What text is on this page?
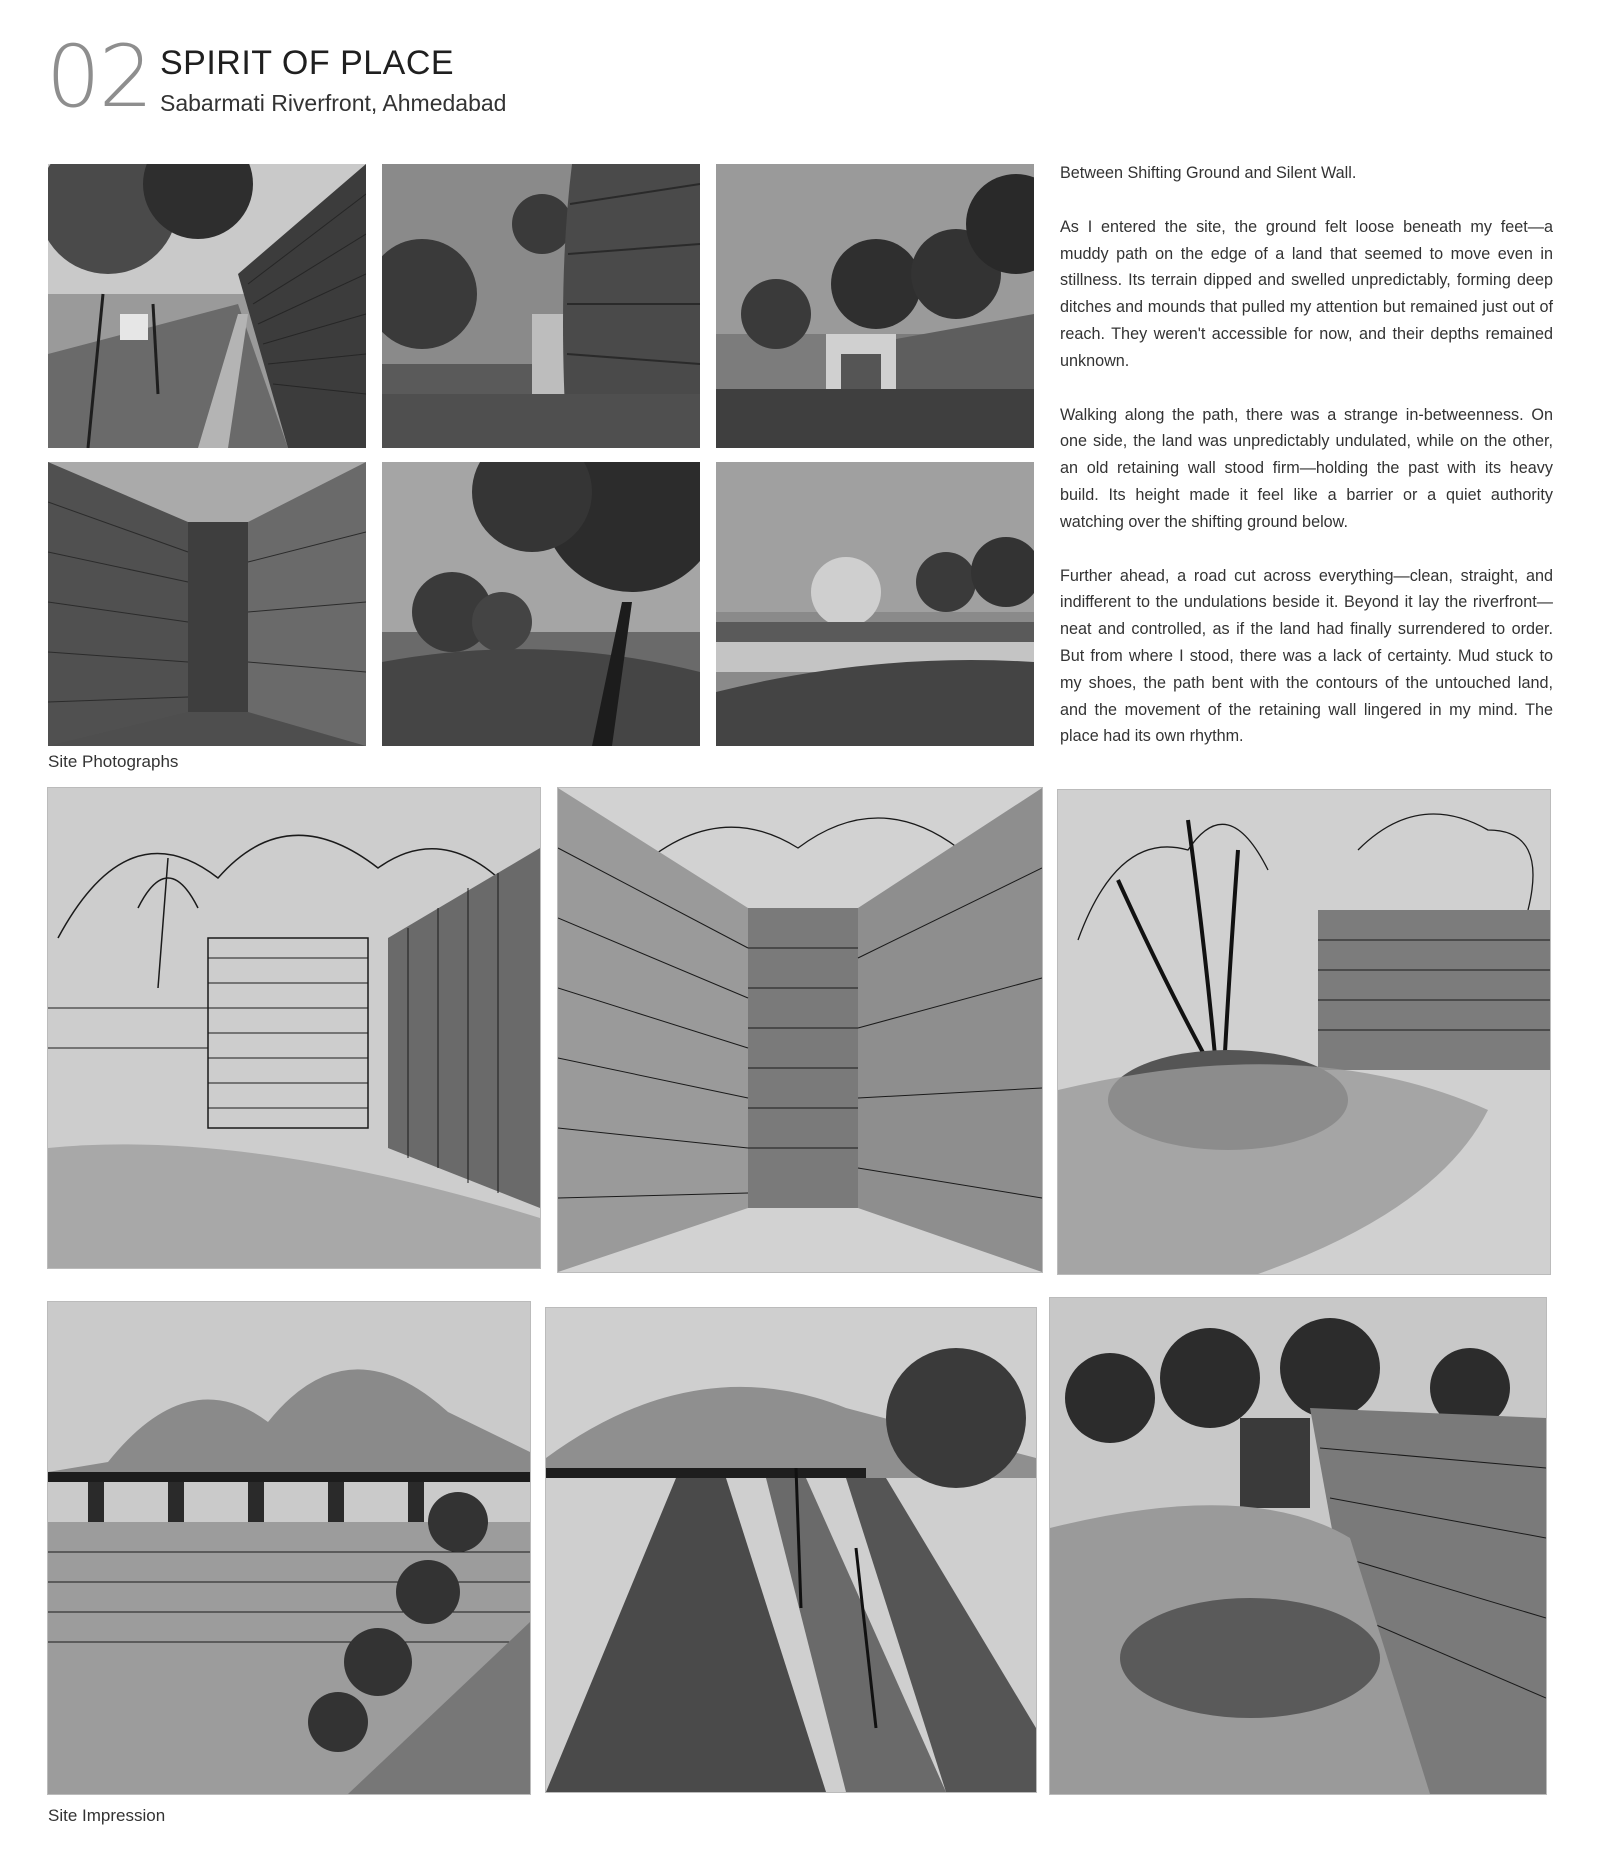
02 SPIRIT OF PLACE
Sabarmati Riverfront, Ahmedabad
Site Photographs

Between Shifting Ground and Silent Wall.

As I entered the site, the ground felt loose beneath my feet—a muddy path on the edge of a land that seemed to move even in stillness. Its terrain dipped and swelled unpredictably, forming deep ditches and mounds that pulled my attention but remained just out of reach. They weren't accessible for now, and their depths remained unknown.

Walking along the path, there was a strange in-betweenness. On one side, the land was unpredictably undulated, while on the other, an old retaining wall stood firm—holding the past with its heavy build. Its height made it feel like a barrier or a quiet authority watching over the shifting ground below.

Further ahead, a road cut across everything—clean, straight, and indifferent to the undulations beside it. Beyond it lay the riverfront—neat and controlled, as if the land had finally surrendered to order. But from where I stood, there was a lack of certainty. Mud stuck to my shoes, the path bent with the contours of the untouched land, and the movement of the retaining wall lingered in my mind. The place had its own rhythm.

Site Impression
